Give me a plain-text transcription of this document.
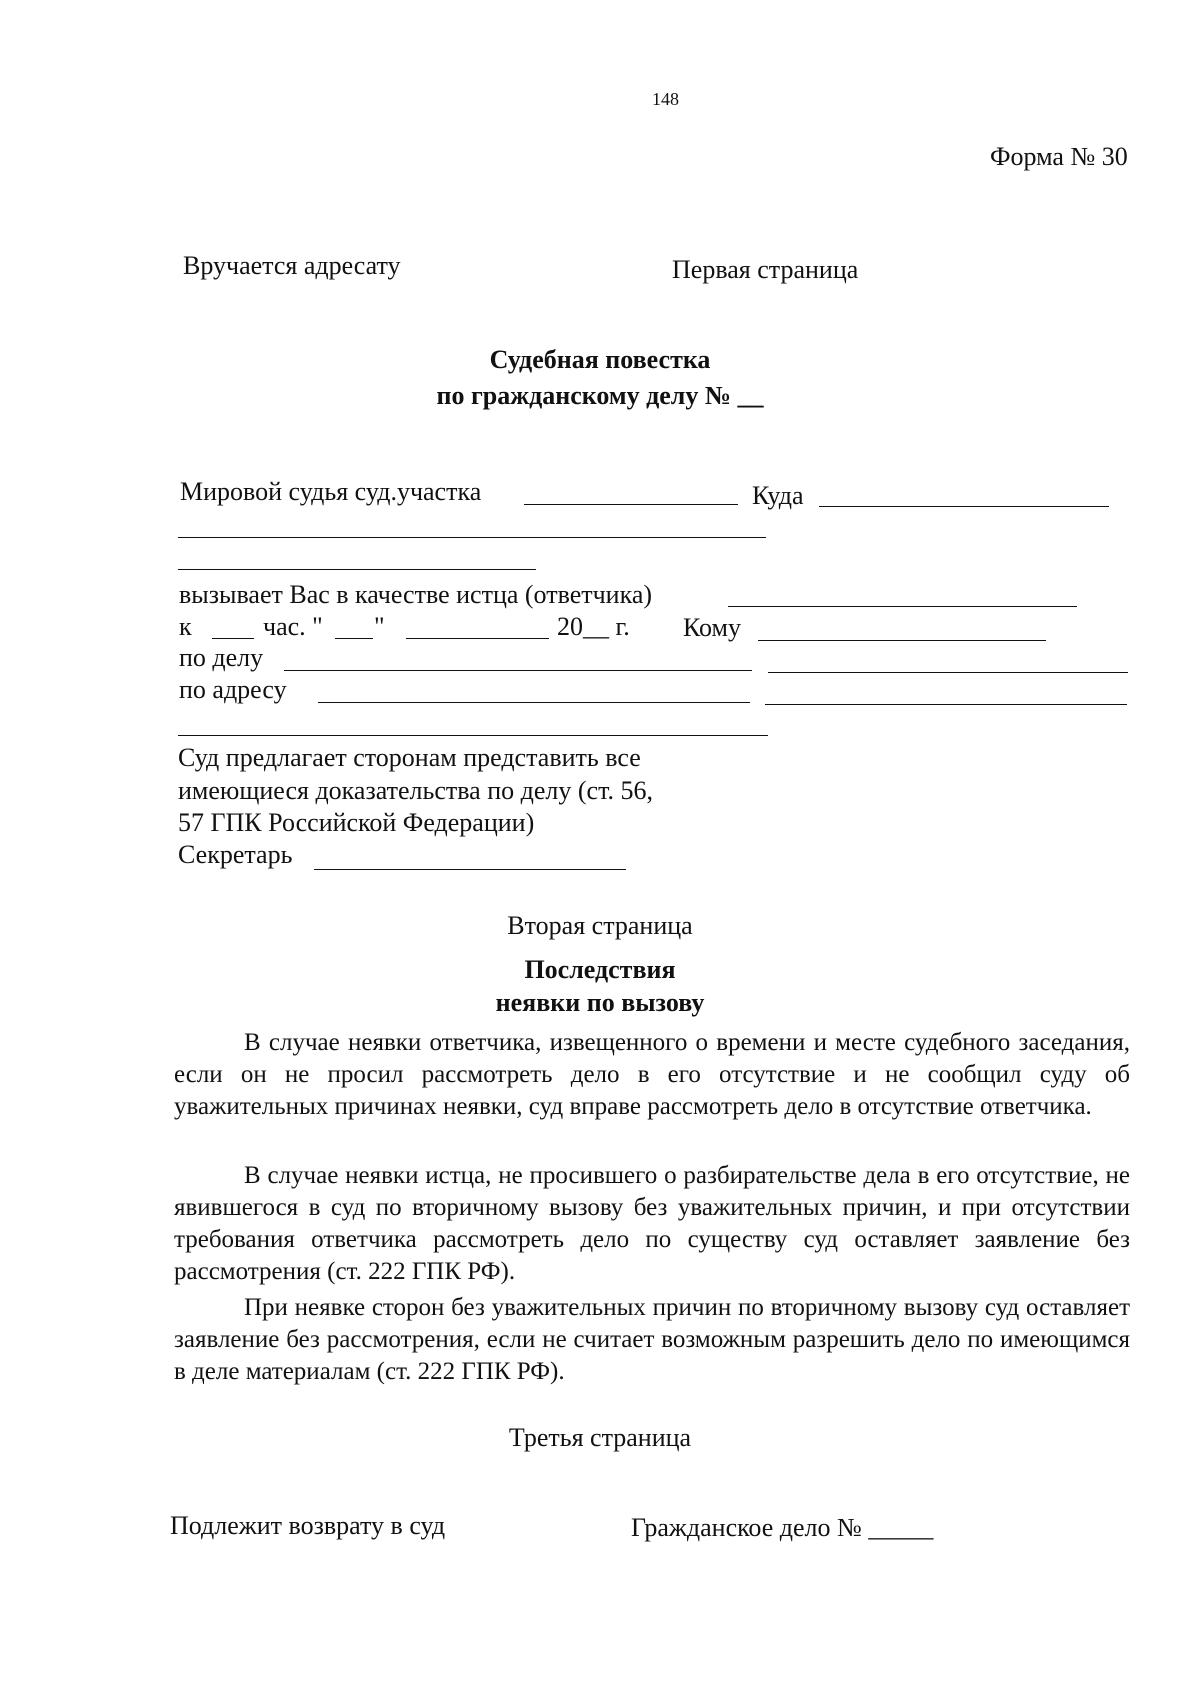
148
Форма № 30
Вручается адресату	Первая страница
Судебная повестка
по гражданскому делу № __
Мировой судья суд.участка	Куда
вызывает Вас в качестве истца (ответчика)
к	час. " "	20__ г. Кому
по делу
по адресу
Суд предлагает сторонам представить все
имеющиеся доказательства по делу (ст. 56,
57 ГПК Российской Федерации)
Секретарь
Вторая страница
Последствия
неявки по вызову
В случае неявки ответчика, извещенного о времени и месте судебного заседания, если он не просил рассмотреть дело в его отсутствие и не сообщил суду об уважительных причинах неявки, суд вправе рассмотреть дело в отсутствие ответчика.
В случае неявки истца, не просившего о разбирательстве дела в его отсутствие, не явившегося в суд по вторичному вызову без уважительных причин, и при отсутствии требования ответчика рассмотреть дело по существу суд оставляет заявление без рассмотрения (ст. 222 ГПК РФ).
При неявке сторон без уважительных причин по вторичному вызову суд оставляет заявление без рассмотрения, если не считает возможным разрешить дело по имеющимся в деле материалам (ст. 222 ГПК РФ).
Третья страница
Подлежит возврату в суд	Гражданское дело № _____
